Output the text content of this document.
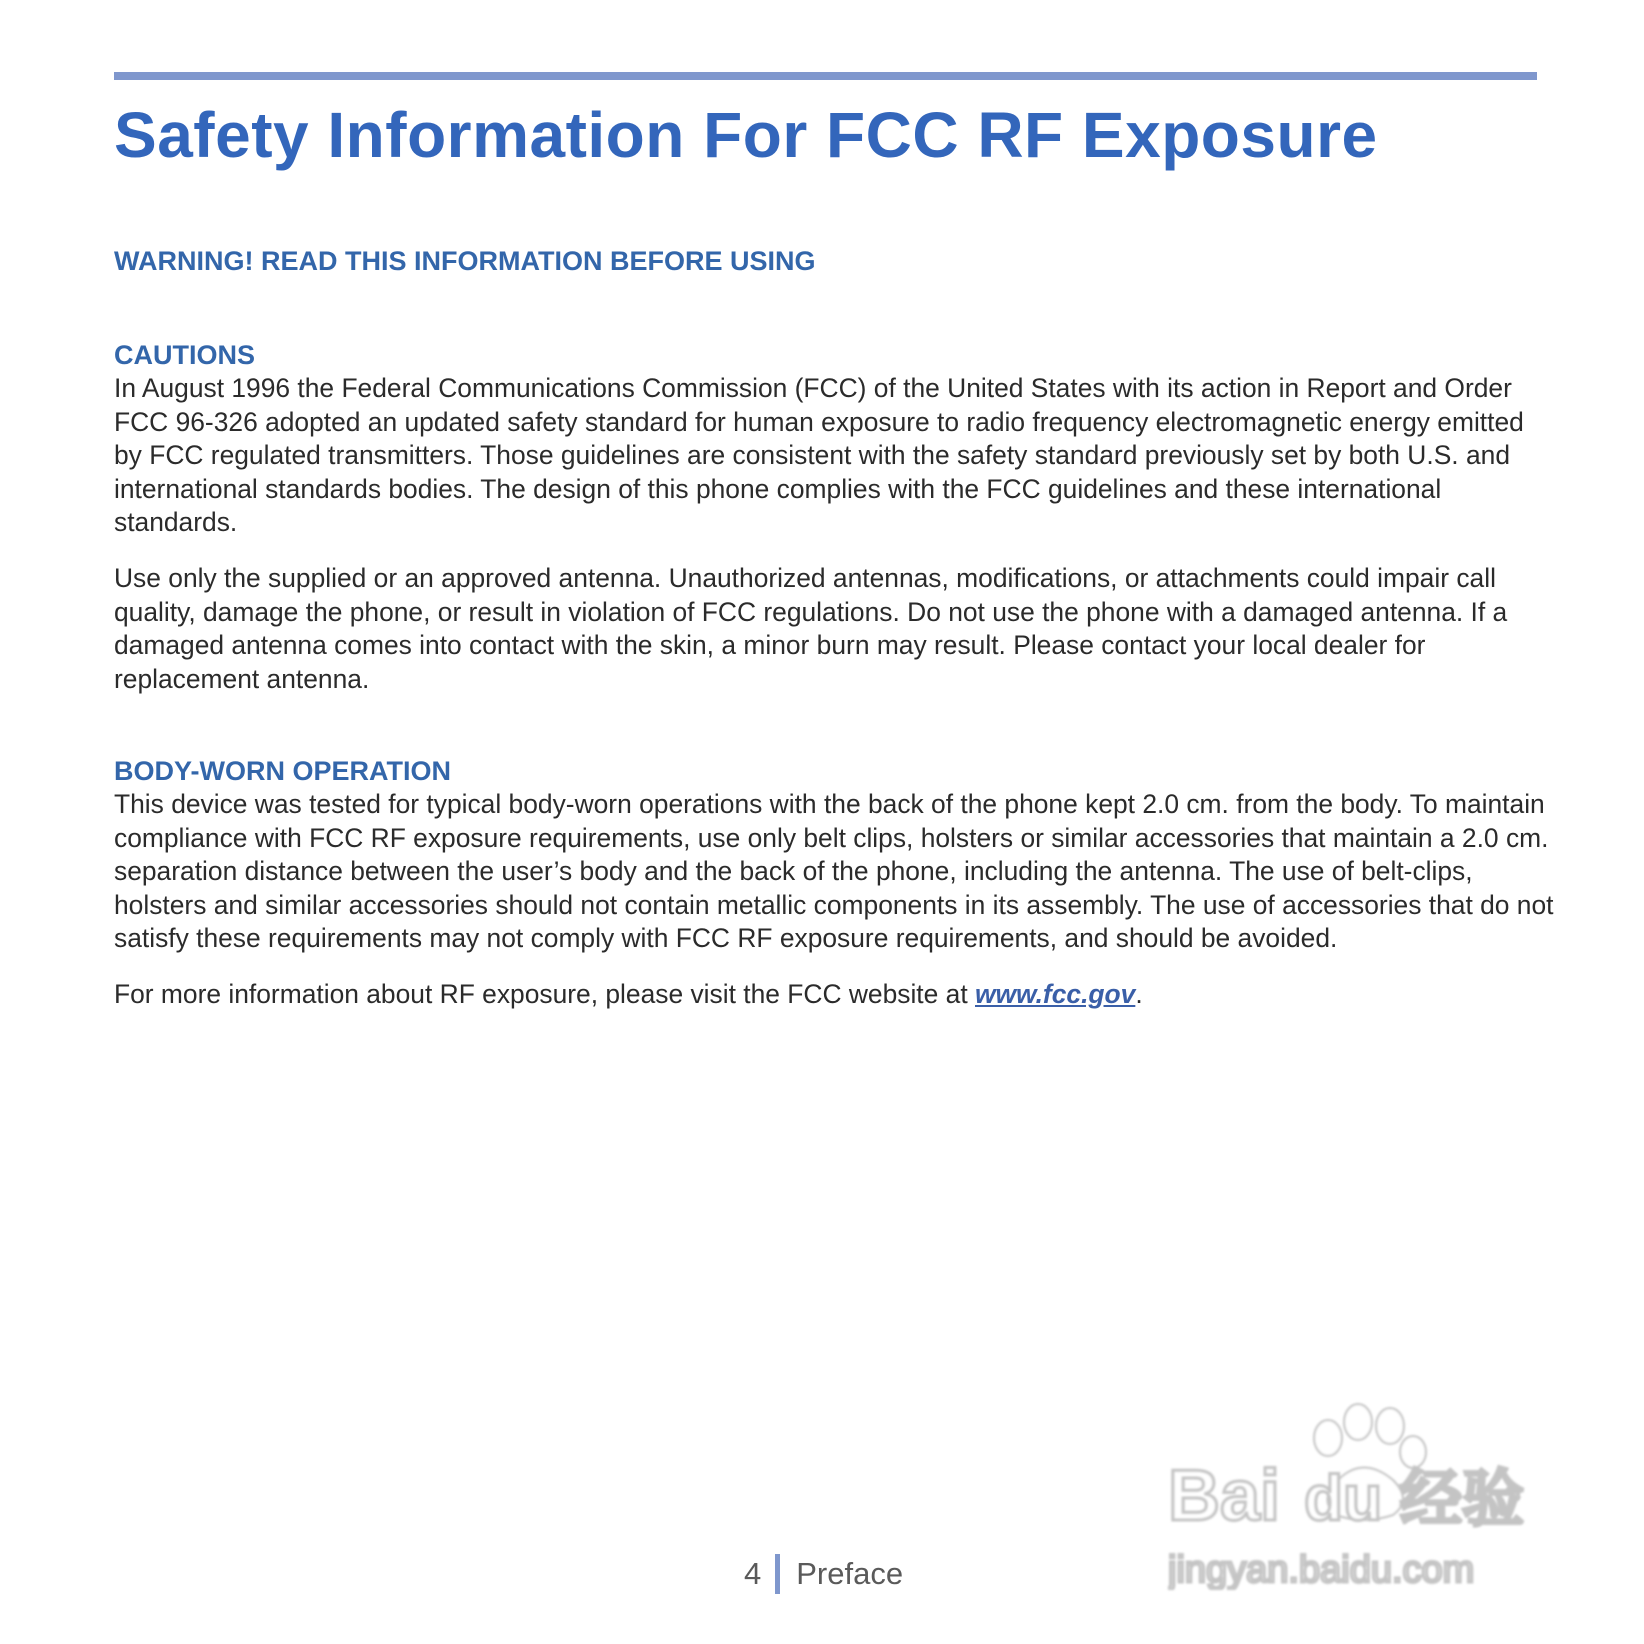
Safety Information For FCC RF Exposure

WARNING! READ THIS INFORMATION BEFORE USING

CAUTIONS

In August 1996 the Federal Communications Commission (FCC) of the United States with its action in Report and Order FCC 96-326 adopted an updated safety standard for human exposure to radio frequency electromagnetic energy emitted by FCC regulated transmitters. Those guidelines are consistent with the safety standard previously set by both U.S. and international standards bodies. The design of this phone complies with the FCC guidelines and these international standards.

Use only the supplied or an approved antenna. Unauthorized antennas, modifications, or attachments could impair call quality, damage the phone, or result in violation of FCC regulations. Do not use the phone with a damaged antenna. If a damaged antenna comes into contact with the skin, a minor burn may result. Please contact your local dealer for replacement antenna.

BODY-WORN OPERATION

This device was tested for typical body-worn operations with the back of the phone kept 2.0 cm. from the body. To maintain compliance with FCC RF exposure requirements, use only belt clips, holsters or similar accessories that maintain a 2.0 cm. separation distance between the user’s body and the back of the phone, including the antenna. The use of belt-clips, holsters and similar accessories should not contain metallic components in its assembly. The use of accessories that do not satisfy these requirements may not comply with FCC RF exposure requirements, and should be avoided.

For more information about RF exposure, please visit the FCC website at www.fcc.gov.

4 Preface
Bai du 经验
jingyan.baidu.com
